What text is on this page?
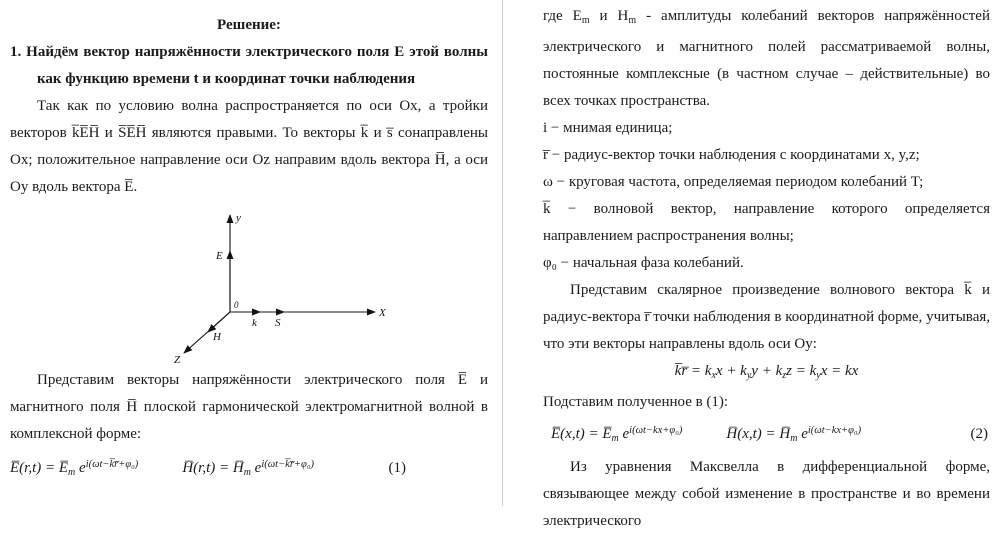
Решение:

1. Найдём вектор напряжённости электрического поля E этой волны как функцию времени t и координат точки наблюдения

Так как по условию волна распространяется по оси Ox, а тройки векторов k̅E̅H̅ и S̅E̅H̅ являются правыми. То векторы k̅ и s̅ сонаправлены Ox; положительное направление оси Oz направим вдоль вектора H̅, а оси Oy вдоль вектора E̅.

y
E
X
k S
Z
H
0

Представим векторы напряжённости электрического поля E̅ и магнитного поля H̅ плоской гармонической электромагнитной волной в комплексной форме:

E̅(r,t) = $E̅_m$ $e^{i(\omega t-k̅r̅+\varphi_0)}$	H̅(r,t) = $H̅_m$ $e^{i(\omega t-k̅r̅+\varphi_0)}$	(1)

где $E_m$ и $H_m$ - амплитуды колебаний векторов напряжённостей электрического и магнитного полей рассматриваемой волны, постоянные комплексные (в частном случае – действительные) во всех точках пространства.

i − мнимая единица;

r̅ − радиус-вектор точки наблюдения с координатами x, y,z;

ω − круговая частота, определяемая периодом колебаний T;

k̅ − волновой вектор, направление которого определяется направлением распространения волны;

φ₀ − начальная фаза колебаний.

Представим скалярное произведение волнового вектора k̅ и радиус-вектора r̅ точки наблюдения в координатной форме, учитывая, что эти векторы направлены вдоль оси Oy:

k̅r̅ = $k_xx + k_yy + k_zz = k_yx$ = kx

Подставим полученное в (1):

E̅(x,t) = $E̅_m$ $e^{i(\omega t-kx+\varphi_0)}$	H̅(x,t) = $H̅_m$ $e^{i(\omega t-kx+\varphi_0)}$	(2)

Из уравнения Максвелла в дифференциальной форме, связывающее между собой изменение в пространстве и во времени электрического
